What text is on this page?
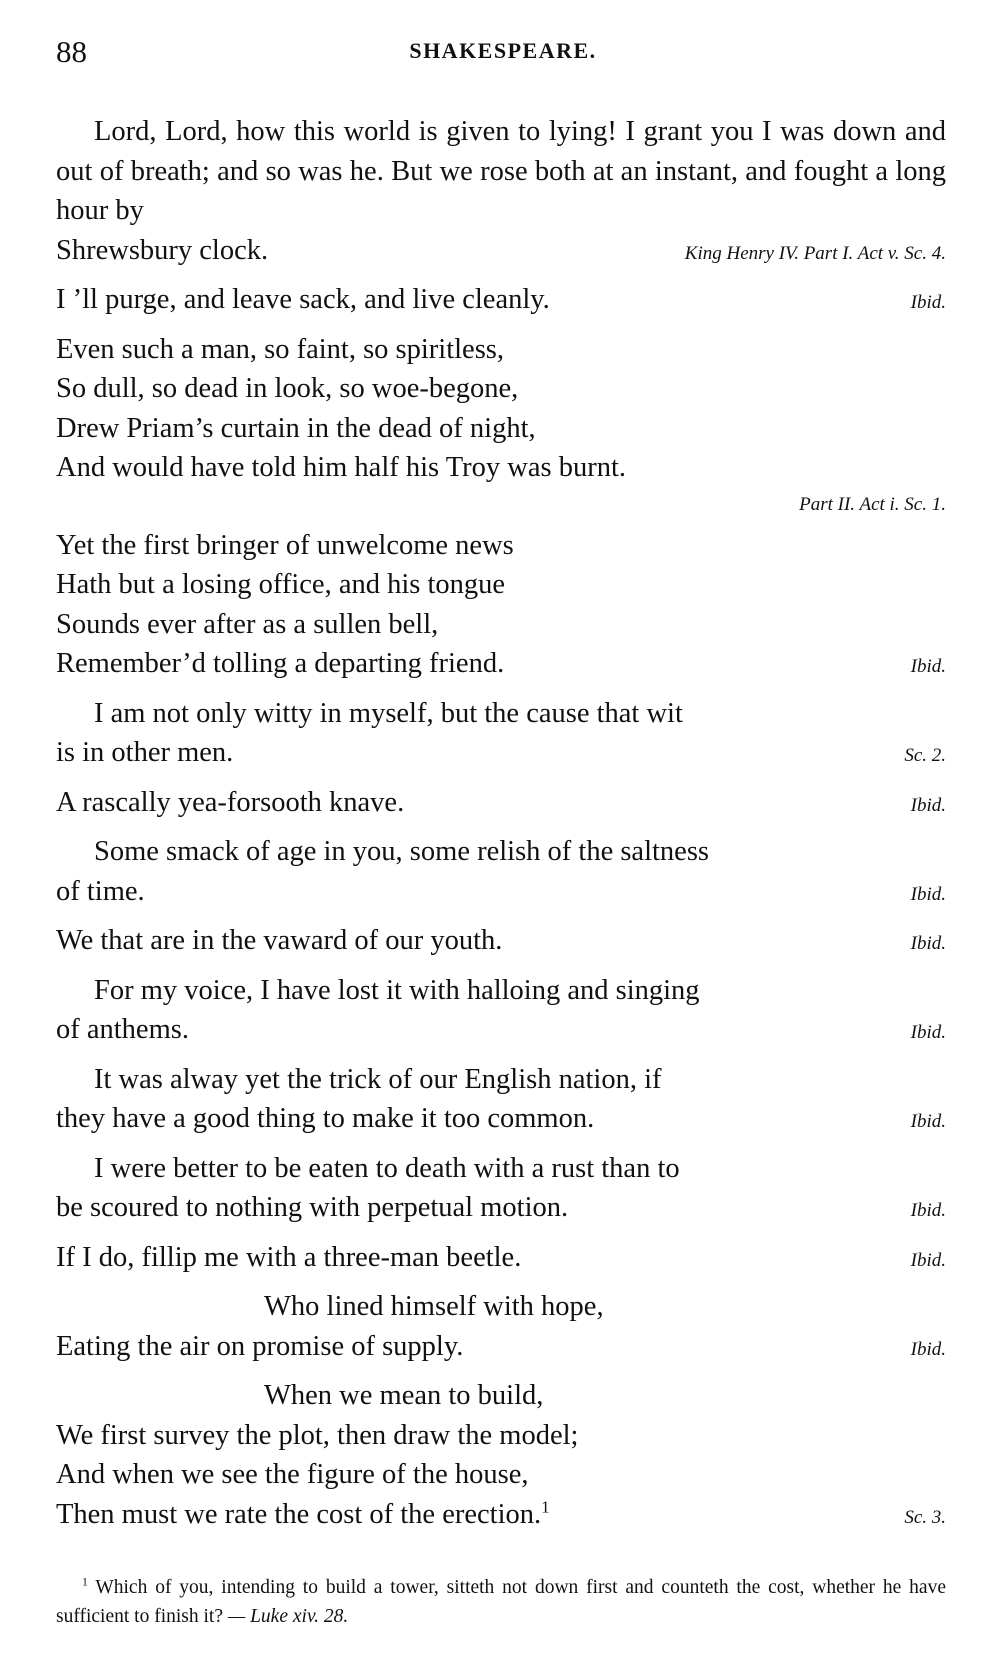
88	SHAKESPEARE.
Lord, Lord, how this world is given to lying! I grant you I was down and out of breath; and so was he. But we rose both at an instant, and fought a long hour by
Shrewsbury clock.	King Henry IV. Part I. Act v. Sc. 4.
I ’ll purge, and leave sack, and live cleanly.	Ibid.
Even such a man, so faint, so spiritless,
So dull, so dead in look, so woe-begone,
Drew Priam’s curtain in the dead of night,
And would have told him half his Troy was burnt.
Part II. Act i. Sc. 1.
Yet the first bringer of unwelcome news
Hath but a losing office, and his tongue
Sounds ever after as a sullen bell,
Remember’d tolling a departing friend.	Ibid.
I am not only witty in myself, but the cause that wit
is in other men.	Sc. 2.
A rascally yea-forsooth knave.	Ibid.
Some smack of age in you, some relish of the saltness
of time.	Ibid.
We that are in the vaward of our youth.	Ibid.
For my voice, I have lost it with halloing and singing
of anthems.	Ibid.
It was alway yet the trick of our English nation, if
they have a good thing to make it too common.	Ibid.
I were better to be eaten to death with a rust than to
be scoured to nothing with perpetual motion.	Ibid.
If I do, fillip me with a three-man beetle.	Ibid.
Who lined himself with hope,
Eating the air on promise of supply.	Ibid.
When we mean to build,
We first survey the plot, then draw the model;
And when we see the figure of the house,
Then must we rate the cost of the erection.$^1$	Sc. 3.
$^1$ Which of you, intending to build a tower, sitteth not down first and counteth the cost, whether he have sufficient to finish it? — Luke xiv. 28.
